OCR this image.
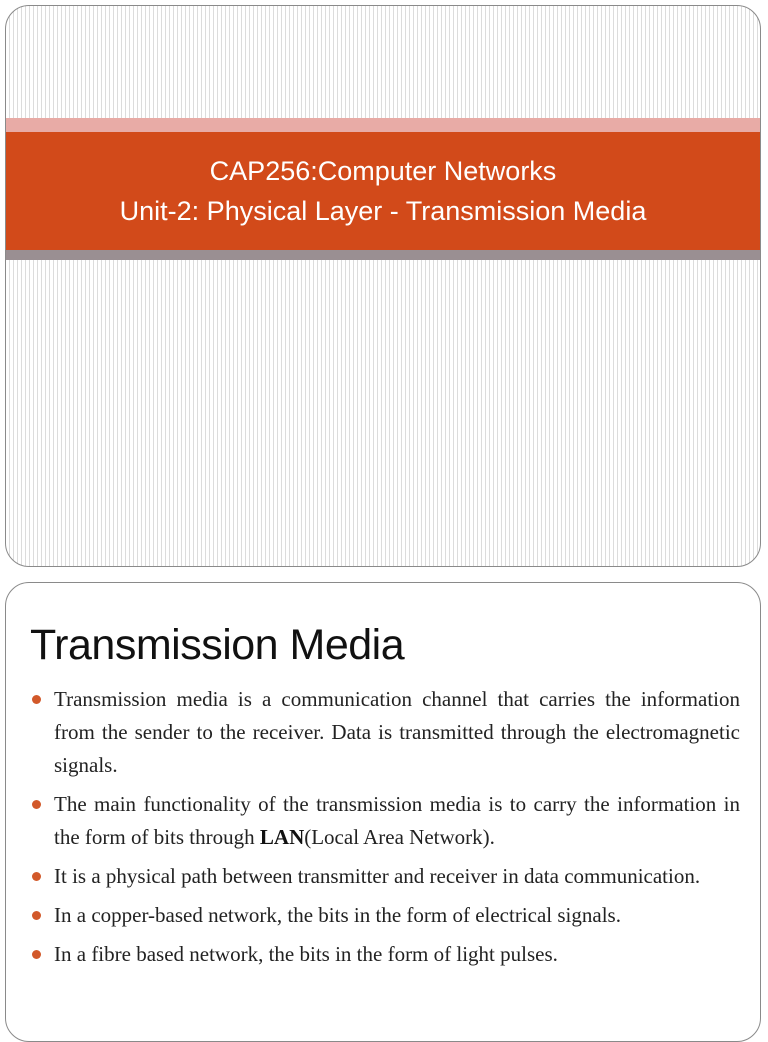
CAP256:Computer Networks
Unit-2: Physical Layer - Transmission Media
Transmission Media
Transmission media is a communication channel that carries the information from the sender to the receiver. Data is transmitted through the electromagnetic signals.
The main functionality of the transmission media is to carry the information in the form of bits through LAN(Local Area Network).
It is a physical path between transmitter and receiver in data communication.
In a copper-based network, the bits in the form of electrical signals.
In a fibre based network, the bits in the form of light pulses.
